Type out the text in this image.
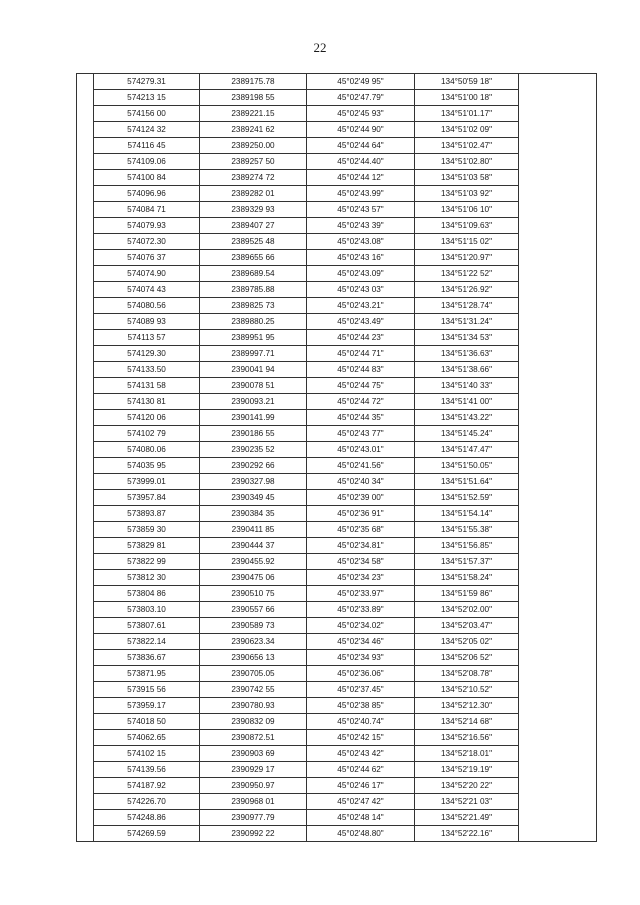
22
	574279.31	2389175.78	45°02'49 95"	134°50'59 18"	
	574213 15	2389198 55	45°02'47.79"	134°51'00 18"	
	574156 00	2389221.15	45°02'45 93"	134°51'01.17"	
	574124 32	2389241 62	45°02'44 90"	134°51'02 09"	
	574116 45	2389250.00	45°02'44 64"	134°51'02.47"	
	574109.06	2389257 50	45°02'44.40"	134°51'02.80"	
	574100 84	2389274 72	45°02'44 12"	134°51'03 58"	
	574096.96	2389282 01	45°02'43.99"	134°51'03 92"	
	574084 71	2389329 93	45°02'43 57"	134°51'06 10"	
	574079.93	2389407 27	45°02'43 39"	134°51'09.63"	
	574072.30	2389525 48	45°02'43.08"	134°51'15 02"	
	574076 37	2389655 66	45°02'43 16"	134°51'20.97"	
	574074.90	2389689.54	45°02'43.09"	134°51'22 52"	
	574074 43	2389785.88	45°02'43 03"	134°51'26.92"	
	574080.56	2389825 73	45°02'43.21"	134°51'28.74"	
	574089 93	2389880.25	45°02'43.49"	134°51'31.24"	
	574113 57	2389951 95	45°02'44 23"	134°51'34 53"	
	574129.30	2389997.71	45°02'44 71"	134°51'36.63"	
	574133.50	2390041 94	45°02'44 83"	134°51'38.66"	
	574131 58	2390078 51	45°02'44 75"	134°51'40 33"	
	574130 81	2390093.21	45°02'44 72"	134°51'41 00"	
	574120 06	2390141.99	45°02'44 35"	134°51'43.22"	
	574102 79	2390186 55	45°02'43 77"	134°51'45.24"	
	574080.06	2390235 52	45°02'43.01"	134°51'47.47"	
	574035 95	2390292 66	45°02'41.56"	134°51'50.05"	
	573999.01	2390327.98	45°02'40 34"	134°51'51.64"	
	573957.84	2390349 45	45°02'39 00"	134°51'52.59"	
	573893.87	2390384 35	45°02'36 91"	134°51'54.14"	
	573859 30	2390411 85	45°02'35 68"	134°51'55.38"	
	573829 81	2390444 37	45°02'34.81"	134°51'56.85"	
	573822 99	2390455.92	45°02'34 58"	134°51'57.37"	
	573812 30	2390475 06	45°02'34 23"	134°51'58.24"	
	573804 86	2390510 75	45°02'33.97"	134°51'59 86"	
	573803.10	2390557 66	45°02'33.89"	134°52'02.00"	
	573807.61	2390589 73	45°02'34.02"	134°52'03.47"	
	573822.14	2390623.34	45°02'34 46"	134°52'05 02"	
	573836.67	2390656 13	45°02'34 93"	134°52'06 52"	
	573871.95	2390705.05	45°02'36.06"	134°52'08.78"	
	573915 56	2390742 55	45°02'37.45"	134°52'10.52"	
	573959.17	2390780.93	45°02'38 85"	134°52'12.30"	
	574018 50	2390832 09	45°02'40.74"	134°52'14 68"	
	574062.65	2390872.51	45°02'42 15"	134°52'16.56"	
	574102 15	2390903 69	45°02'43 42"	134°52'18.01"	
	574139.56	2390929 17	45°02'44 62"	134°52'19.19"	
	574187.92	2390950.97	45°02'46 17"	134°52'20 22"	
	574226.70	2390968 01	45°02'47 42"	134°52'21 03"	
	574248.86	2390977.79	45°02'48 14"	134°52'21.49"	
	574269.59	2390992 22	45°02'48.80"	134°52'22.16"	
